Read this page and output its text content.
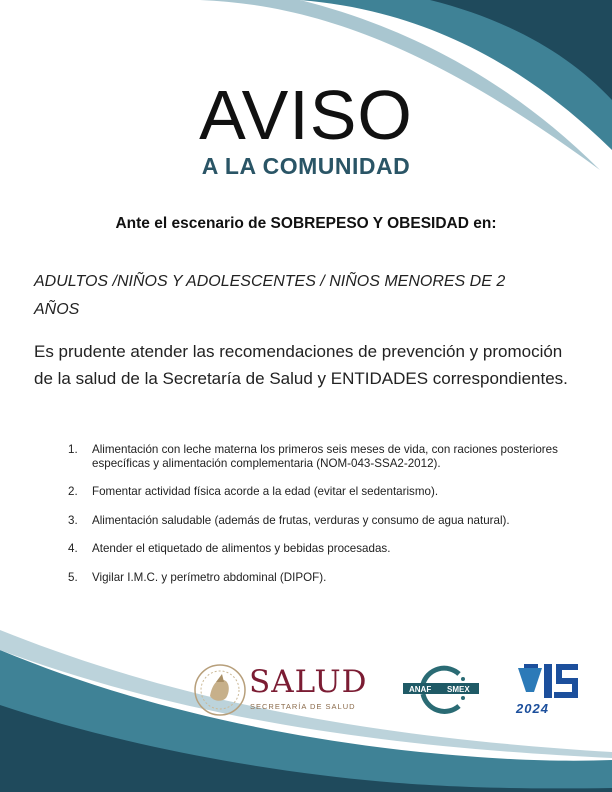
AVISO
A LA COMUNIDAD
Ante el escenario de SOBREPESO Y OBESIDAD en:
ADULTOS /NIÑOS Y ADOLESCENTES / NIÑOS MENORES DE 2 AÑOS
Es prudente atender las recomendaciones de prevención y promoción de la salud de la Secretaría de Salud y ENTIDADES correspondientes.
1.	Alimentación con leche materna los primeros seis meses de vida, con raciones posteriores específicas y alimentación complementaria (NOM-043-SSA2-2012).
2.	Fomentar actividad física acorde a la edad (evitar el sedentarismo).
3.	Alimentación saludable (además de frutas, verduras y consumo de agua natural).
4.	Atender el etiquetado de alimentos y bebidas procesadas.
5.	Vigilar I.M.C. y perímetro abdominal (DIPOF).
SALUD
SECRETARÍA DE SALUD
ANAF SMEX
2024
